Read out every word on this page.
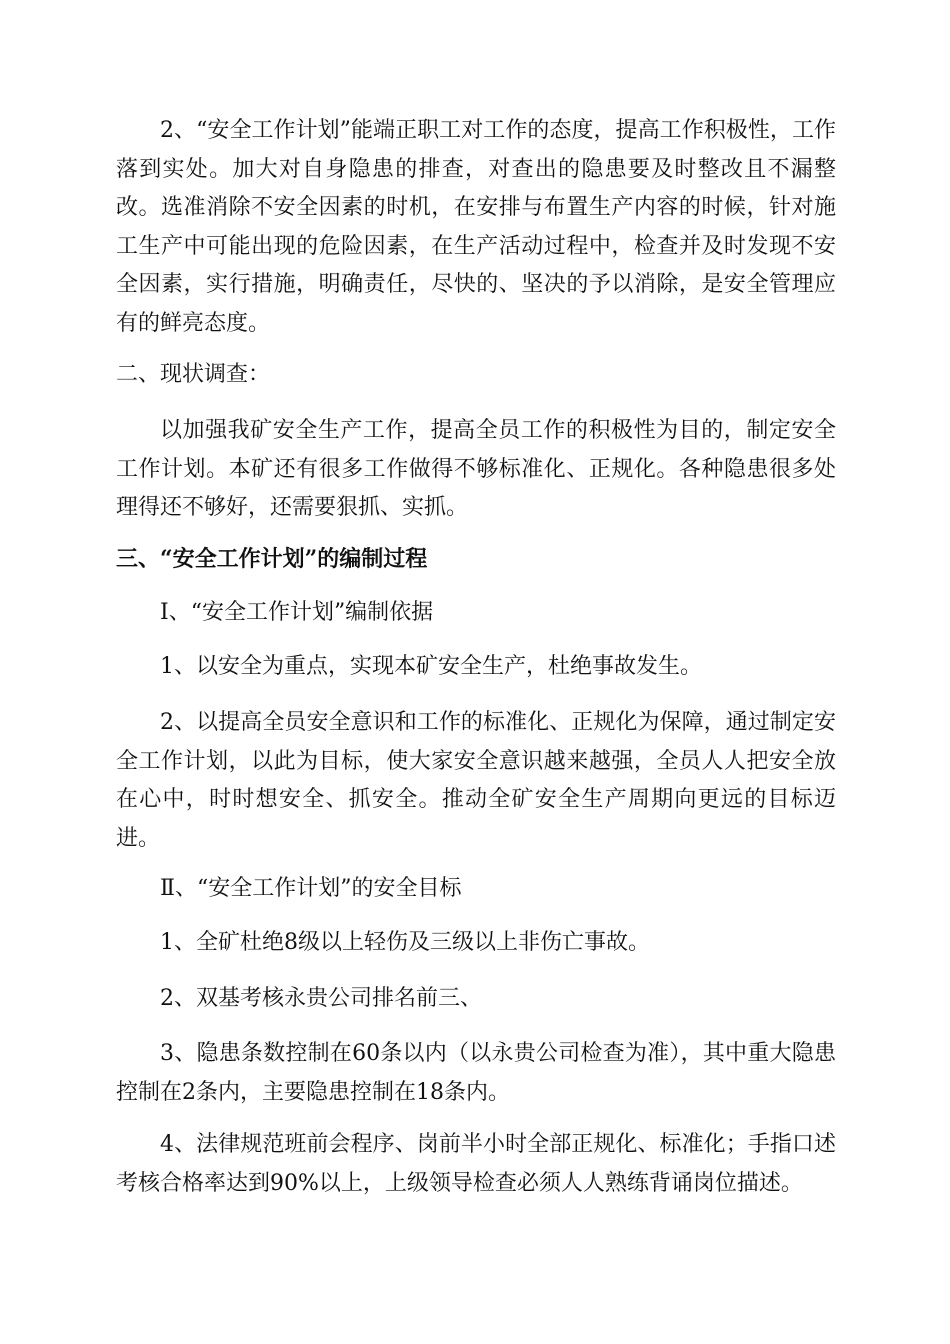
2、“安全工作计划”能端正职工对工作的态度，提高工作积极性，工作落到实处。加大对自身隐患的排查，对查出的隐患要及时整改且不漏整改。选准消除不安全因素的时机，在安排与布置生产内容的时候，针对施工生产中可能出现的危险因素，在生产活动过程中，检查并及时发现不安全因素，实行措施，明确责任，尽快的、坚决的予以消除，是安全管理应有的鲜亮态度。

二、现状调查：

以加强我矿安全生产工作，提高全员工作的积极性为目的，制定安全工作计划。本矿还有很多工作做得不够标准化、正规化。各种隐患很多处理得还不够好，还需要狠抓、实抓。

三、“安全工作计划”的编制过程

Ⅰ、“安全工作计划”编制依据

1、以安全为重点，实现本矿安全生产，杜绝事故发生。

2、以提高全员安全意识和工作的标准化、正规化为保障，通过制定安全工作计划，以此为目标，使大家安全意识越来越强，全员人人把安全放在心中，时时想安全、抓安全。推动全矿安全生产周期向更远的目标迈进。

Ⅱ、“安全工作计划”的安全目标

1、全矿杜绝8级以上轻伤及三级以上非伤亡事故。

2、双基考核永贵公司排名前三、

3、隐患条数控制在60条以内（以永贵公司检查为准），其中重大隐患控制在2条内，主要隐患控制在18条内。

4、法律规范班前会程序、岗前半小时全部正规化、标准化；手指口述考核合格率达到90%以上，上级领导检查必须人人熟练背诵岗位描述。
